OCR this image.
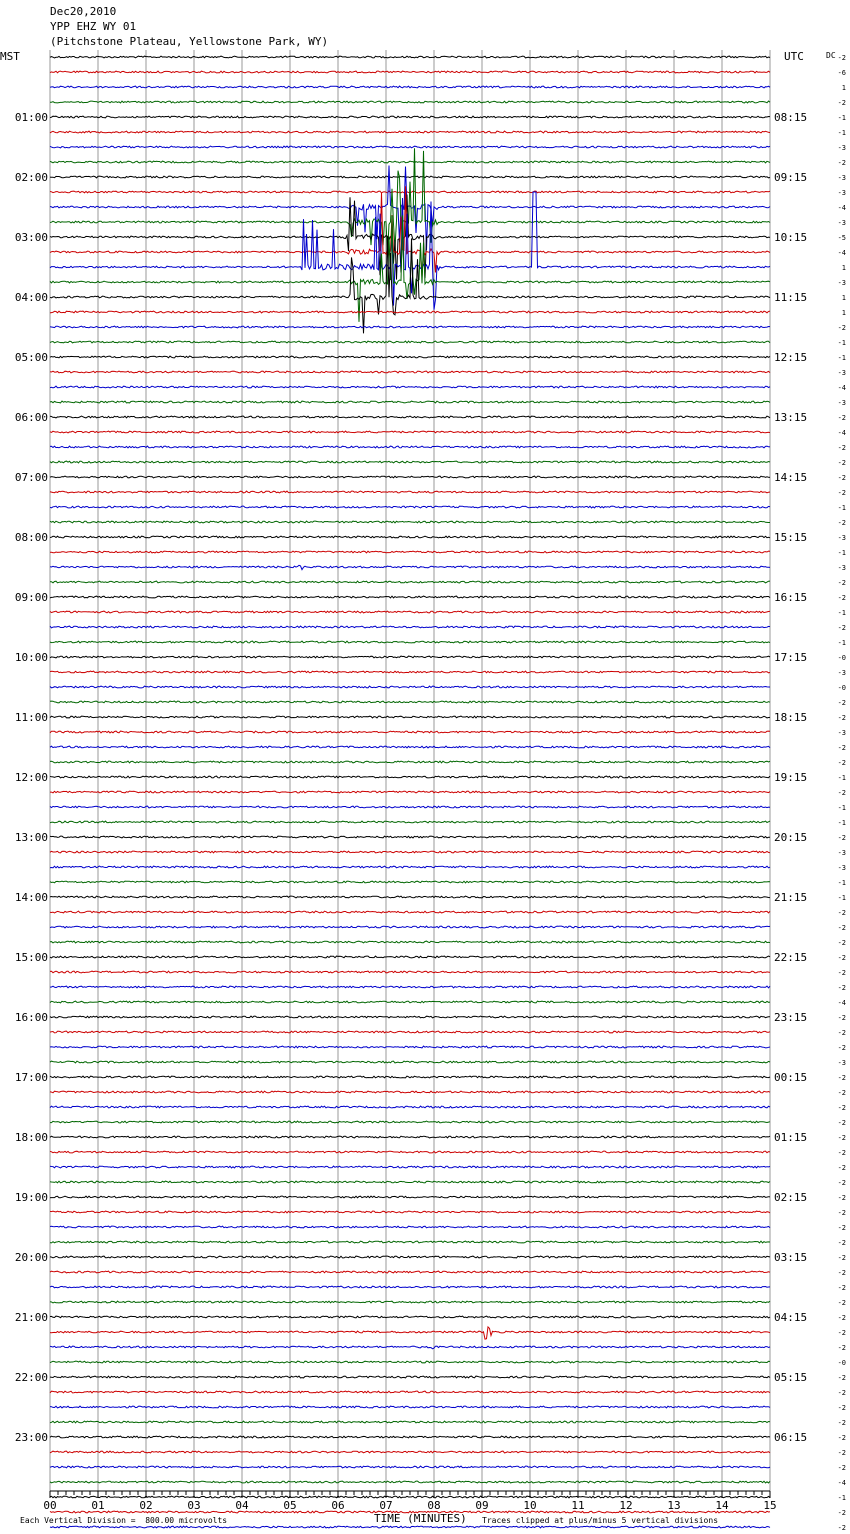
Dec20,2010
YPP EHZ WY 01
(Pitchstone Plateau, Yellowstone Park, WY)
MST	UTC	DC -2
-6
1
-2
-1
-1
-3
-2
-3
-3
-4
-3
-5
-4
1
-3
1
1
-2
-1
-1
-3
-4
-3
-2
-4
-2
-2
-2
-2
-1
-2
-3
-1
-3
-2
-2
-1
-2
-1
-0
-3
-0
-2
-2
-3
-2
-2
-1
-2
-1
-1
-2
-3
-3
-1
-1
-2
-2
-2
-2
-2
-2
-4
-2
-2
-2
-3
-2
-2
-2
-2
-2
-2
-2
-2
-2
-2
-2
-2
-2
-2
-2
-2
-2
-2
-2
-0
-2
-2
-2
-2
-2
-2
-2
-4
-1
-2
-2
01:00
02:00
03:00
04:00
05:00
06:00
07:00
08:00
09:00
10:00
11:00
12:00
13:00
14:00
15:00
16:00
17:00
18:00
19:00
20:00
21:00
22:00
23:00
08:15
09:15
10:15
11:15
12:15
13:15
14:15
15:15
16:15
17:15
18:15
19:15
20:15
21:15
22:15
23:15
00:15
01:15
02:15
03:15
04:15
05:15
06:15
00	01	02	03	04	05	06	07	08	09	10	11	12	13	14	15
Each Vertical Division =  800.00 microvolts	TIME (MINUTES) Traces clipped at plus/minus 5 vertical divisions
